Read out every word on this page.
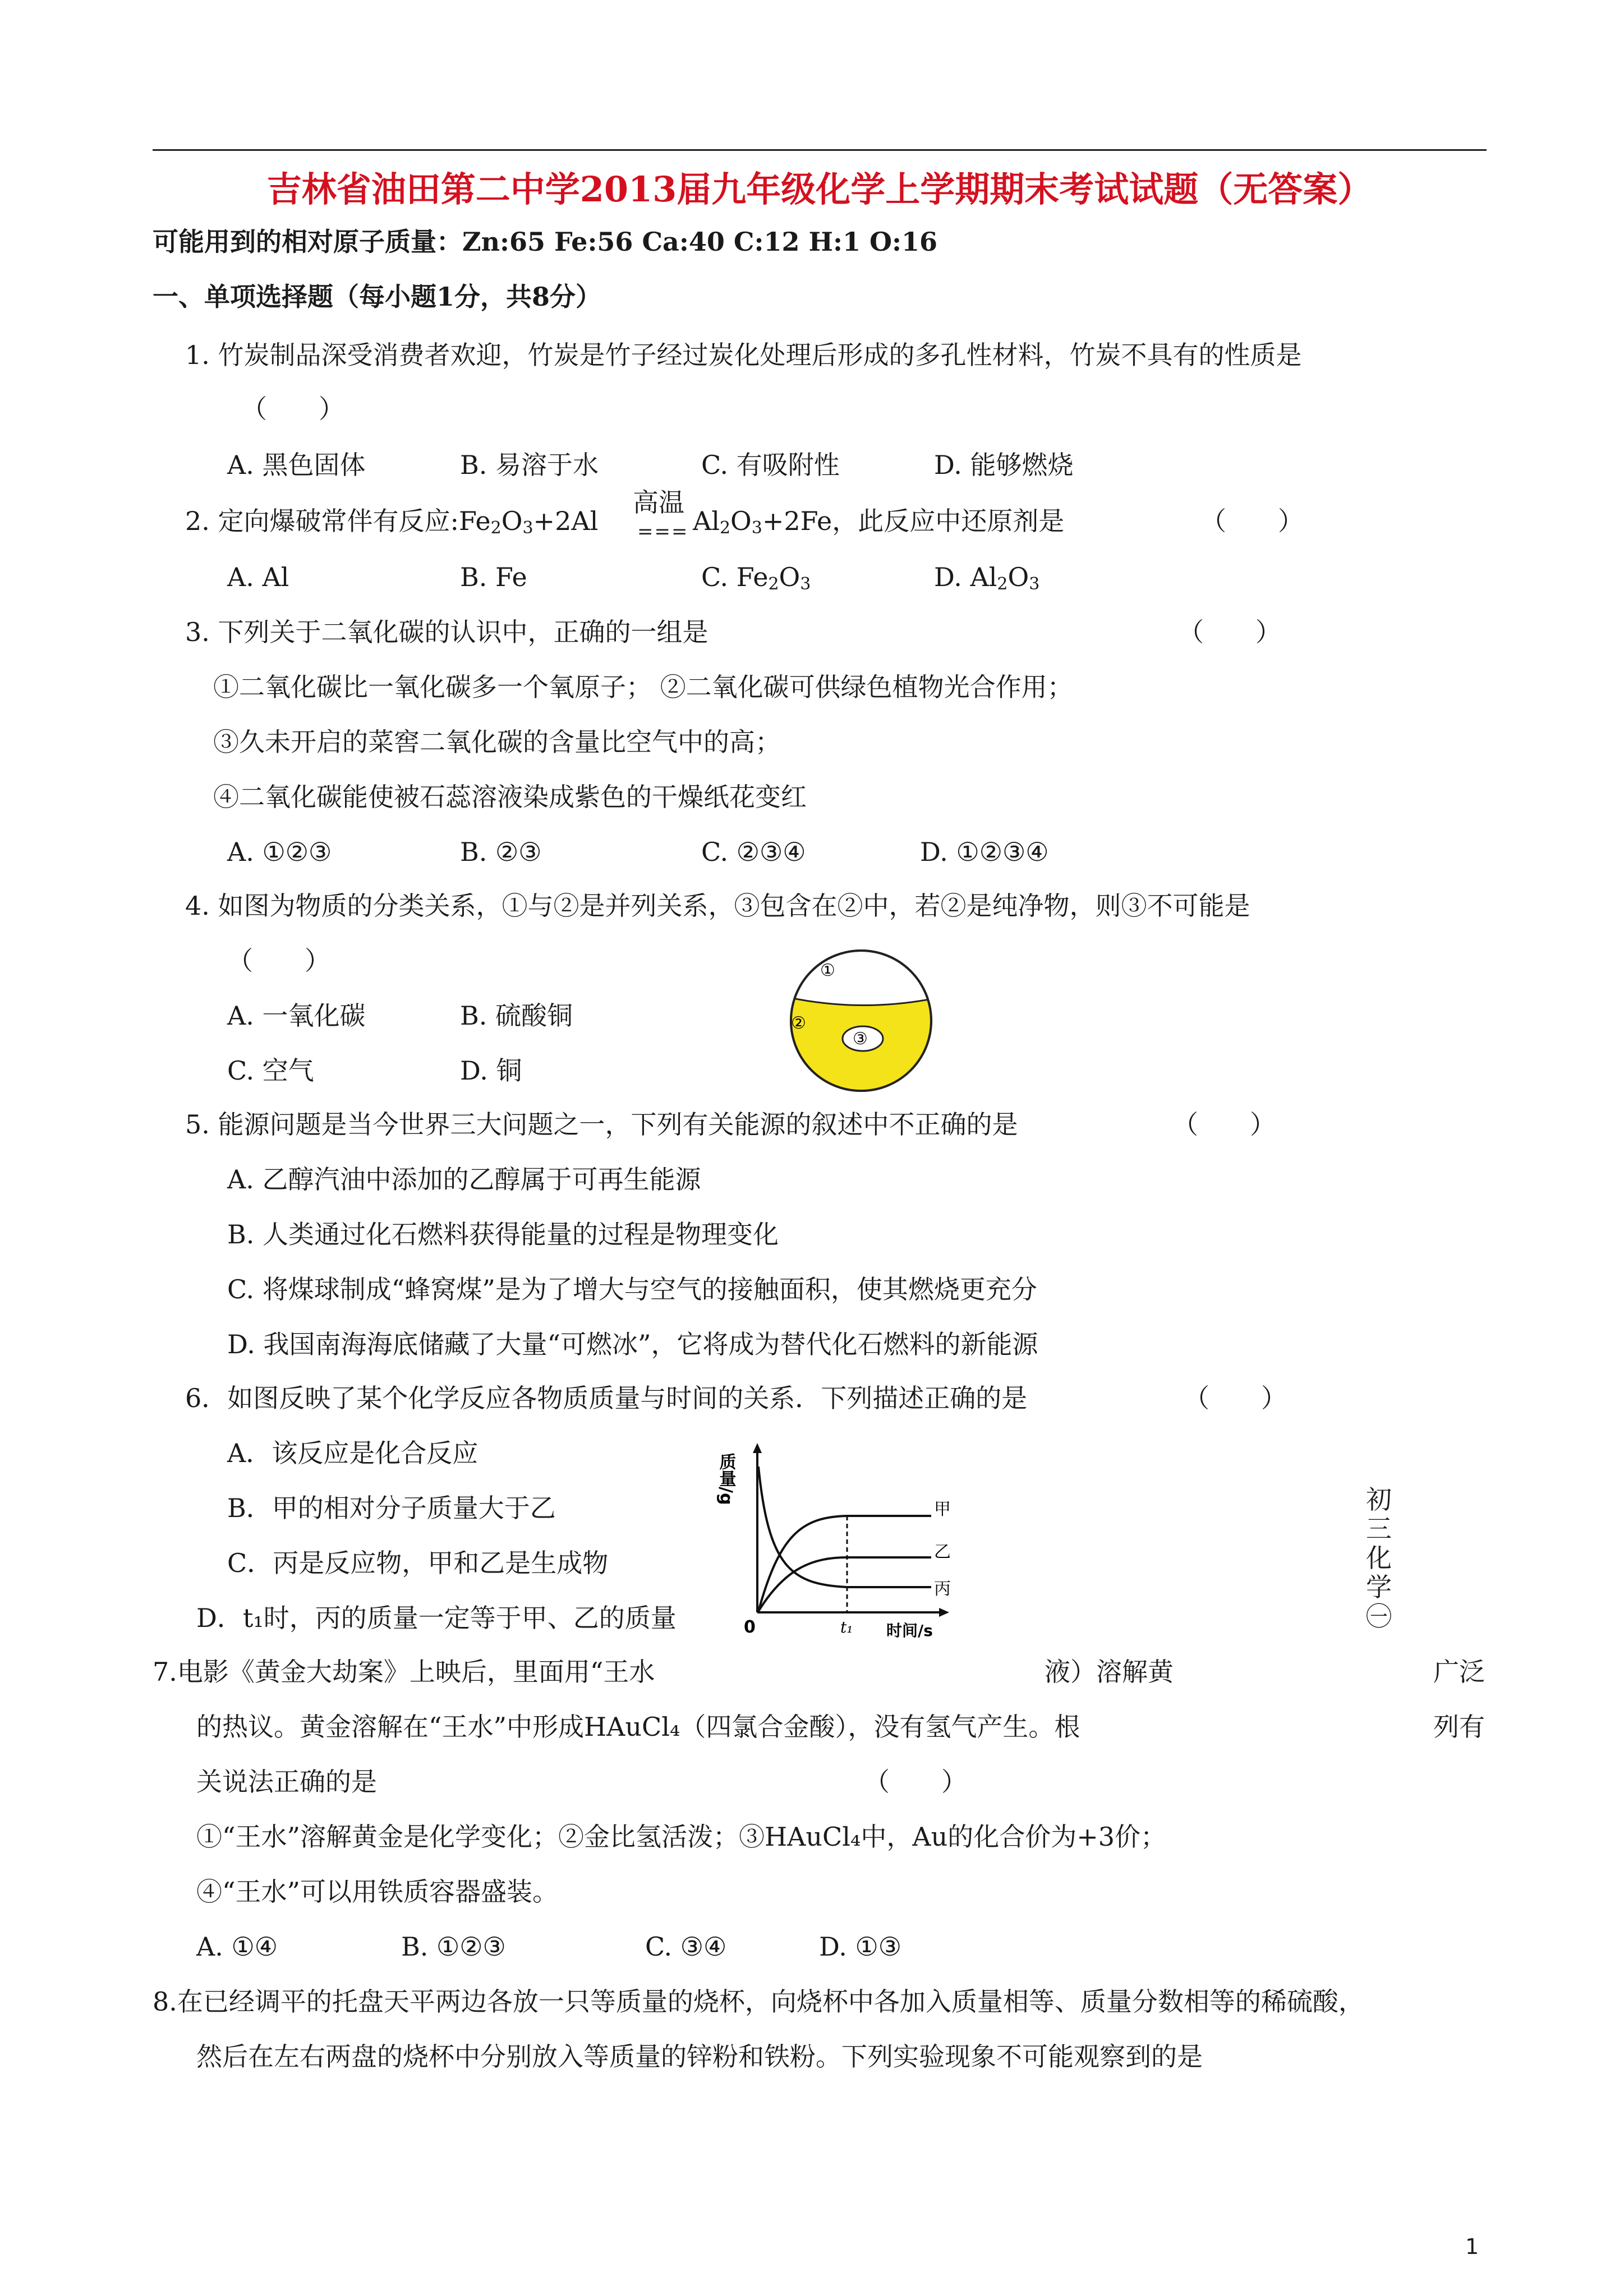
吉林省油田第二中学2013届九年级化学上学期期末考试试题（无答案）
可能用到的相对原子质量：Zn:65 Fe:56 Ca:40 C:12 H:1 O:16
一、单项选择题（每小题1分，共8分）
1. 竹炭制品深受消费者欢迎，竹炭是竹子经过炭化处理后形成的多孔性材料，竹炭不具有的性质是
（　　）
A. 黑色固体	B. 易溶于水	C. 有吸附性	D. 能够燃烧
2. 定向爆破常伴有反应$:Fe_2O_3+2Al$
高温
=== $Al_2O_3+2Fe$，此反应中还原剂是	（　　）
A. Al	B. Fe	C. $Fe_2O_3$	D. $Al_2O_3$
3. 下列关于二氧化碳的认识中，正确的一组是	（　　）
①二氧化碳比一氧化碳多一个氧原子； ②二氧化碳可供绿色植物光合作用；
③久未开启的菜窖二氧化碳的含量比空气中的高；
④二氧化碳能使被石蕊溶液染成紫色的干燥纸花变红
A. ①②③	B. ②③	C. ②③④	D. ①②③④
4. 如图为物质的分类关系，①与②是并列关系，③包含在②中，若②是纯净物，则③不可能是
（　　）
A. 一氧化碳	B. 硫酸铜
C. 空气	D. 铜
①
②
③
5. 能源问题是当今世界三大问题之一，下列有关能源的叙述中不正确的是	（　　）
A. 乙醇汽油中添加的乙醇属于可再生能源
B. 人类通过化石燃料获得能量的过程是物理变化
C. 将煤球制成“蜂窝煤”是为了增大与空气的接触面积，使其燃烧更充分
D. 我国南海海底储藏了大量“可燃冰”，它将成为替代化石燃料的新能源
6．如图反映了某个化学反应各物质质量与时间的关系．下列描述正确的是	（　　）
A．该反应是化合反应
B．甲的相对分子质量大于乙
C．丙是反应物，甲和乙是生成物
D．t₁时，丙的质量一定等于甲、乙的质量
质量/g
甲
乙
丙
0	t₁ 时间/s
初三化学㊀
7.电影《黄金大劫案》上映后，里面用“王水	液）溶解黄	广泛
的热议。黄金溶解在“王水”中形成HAuCl₄（四氯合金酸），没有氢气产生。根	列有
关说法正确的是	（　　）
①“王水”溶解黄金是化学变化；②金比氢活泼；③HAuCl₄中，Au的化合价为+3价；
④“王水”可以用铁质容器盛装。
A. ①④	B. ①②③	C. ③④	D. ①③
8.在已经调平的托盘天平两边各放一只等质量的烧杯，向烧杯中各加入质量相等、质量分数相等的稀硫酸，
然后在左右两盘的烧杯中分别放入等质量的锌粉和铁粉。下列实验现象不可能观察到的是
1
